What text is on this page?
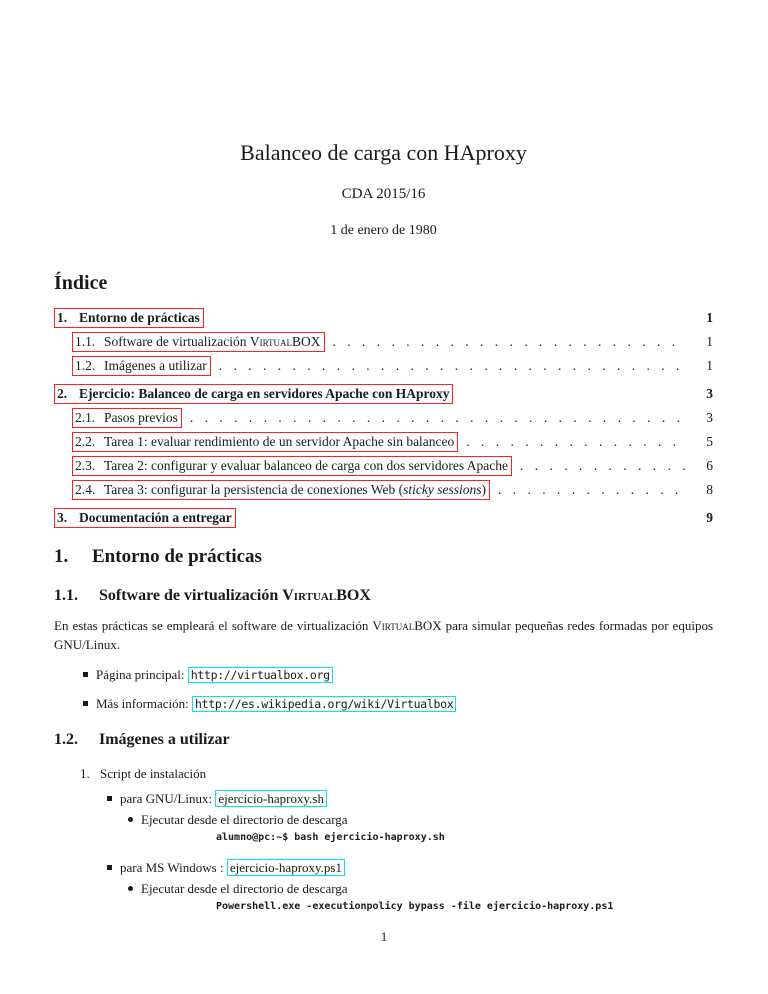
Balanceo de carga con HAproxy
CDA 2015/16
1 de enero de 1980
Índice
1. Entorno de prácticas	1
1.1. Software de virtualización VirtualBOX . . .	1
1.2. Imágenes a utilizar . . .	1
2. Ejercicio: Balanceo de carga en servidores Apache con HAproxy	3
2.1. Pasos previos . . .	3
2.2. Tarea 1: evaluar rendimiento de un servidor Apache sin balanceo . . .	5
2.3. Tarea 2: configurar y evaluar balanceo de carga con dos servidores Apache . . .	6
2.4. Tarea 3: configurar la persistencia de conexiones Web (sticky sessions) . . .	8
3. Documentación a entregar	9
1. Entorno de prácticas
1.1. Software de virtualización VirtualBOX

En estas prácticas se empleará el software de virtualización VirtualBOX para simular pequeñas redes formadas por equipos GNU/Linux.

Página principal: http://virtualbox.org
Más información: http://es.wikipedia.org/wiki/Virtualbox
1.2. Imágenes a utilizar
1. Script de instalación
para GNU/Linux: ejercicio-haproxy.sh
Ejecutar desde el directorio de descarga
alumno@pc:~$ bash ejercicio-haproxy.sh
para MS Windows : ejercicio-haproxy.ps1
Ejecutar desde el directorio de descarga
Powershell.exe -executionpolicy bypass -file ejercicio-haproxy.ps1
1
